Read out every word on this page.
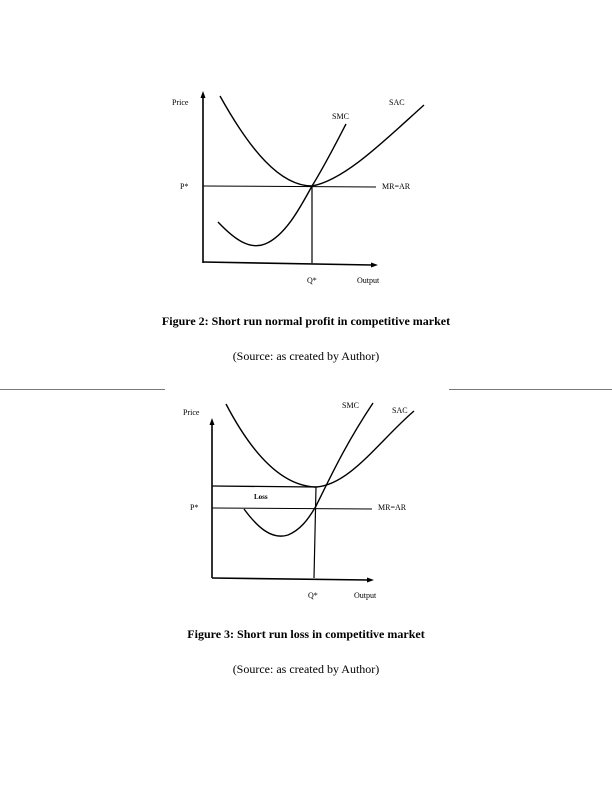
Price	SAC
SMC
P*	MR=AR
Q*	Output
Figure 2: Short run normal profit in competitive market
(Source: as created by Author)
5	ECONOMICS F
Price
SMC
SAC
Loss
P*	MR=AR
Q*	Output
Figure 3: Short run loss in competitive market
(Source: as created by Author)
